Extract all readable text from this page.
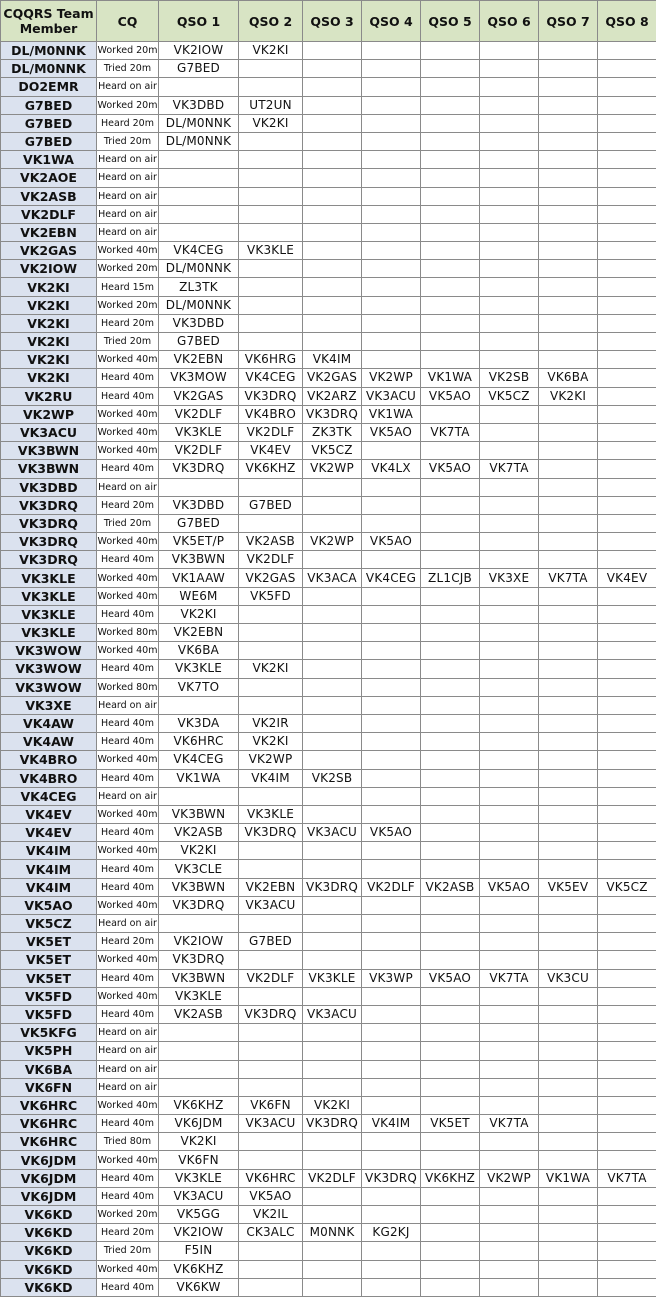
CQQRS Team Member	CQ	QSO 1	QSO 2	QSO 3	QSO 4	QSO 5	QSO 6	QSO 7	QSO 8
DL/M0NNK	Worked 20m	VK2IOW	VK2KI						
DL/M0NNK	Tried 20m	G7BED							
DO2EMR	Heard on air								
G7BED	Worked 20m	VK3DBD	UT2UN						
G7BED	Heard 20m	DL/M0NNK	VK2KI						
G7BED	Tried 20m	DL/M0NNK							
VK1WA	Heard on air								
VK2AOE	Heard on air								
VK2ASB	Heard on air								
VK2DLF	Heard on air								
VK2EBN	Heard on air								
VK2GAS	Worked 40m	VK4CEG	VK3KLE						
VK2IOW	Worked 20m	DL/M0NNK							
VK2KI	Heard 15m	ZL3TK							
VK2KI	Worked 20m	DL/M0NNK							
VK2KI	Heard 20m	VK3DBD							
VK2KI	Tried 20m	G7BED							
VK2KI	Worked 40m	VK2EBN	VK6HRG	VK4IM					
VK2KI	Heard 40m	VK3MOW	VK4CEG	VK2GAS	VK2WP	VK1WA	VK2SB	VK6BA	
VK2RU	Heard 40m	VK2GAS	VK3DRQ	VK2ARZ	VK3ACU	VK5AO	VK5CZ	VK2KI	
VK2WP	Worked 40m	VK2DLF	VK4BRO	VK3DRQ	VK1WA				
VK3ACU	Worked 40m	VK3KLE	VK2DLF	ZK3TK	VK5AO	VK7TA			
VK3BWN	Worked 40m	VK2DLF	VK4EV	VK5CZ					
VK3BWN	Heard 40m	VK3DRQ	VK6KHZ	VK2WP	VK4LX	VK5AO	VK7TA		
VK3DBD	Heard on air								
VK3DRQ	Heard 20m	VK3DBD	G7BED						
VK3DRQ	Tried 20m	G7BED							
VK3DRQ	Worked 40m	VK5ET/P	VK2ASB	VK2WP	VK5AO				
VK3DRQ	Heard 40m	VK3BWN	VK2DLF						
VK3KLE	Worked 40m	VK1AAW	VK2GAS	VK3ACA	VK4CEG	ZL1CJB	VK3XE	VK7TA	VK4EV
VK3KLE	Worked 40m	WE6M	VK5FD						
VK3KLE	Heard 40m	VK2KI							
VK3KLE	Worked 80m	VK2EBN							
VK3WOW	Worked 40m	VK6BA							
VK3WOW	Heard 40m	VK3KLE	VK2KI						
VK3WOW	Worked 80m	VK7TO							
VK3XE	Heard on air								
VK4AW	Heard 40m	VK3DA	VK2IR						
VK4AW	Heard 40m	VK6HRC	VK2KI						
VK4BRO	Worked 40m	VK4CEG	VK2WP						
VK4BRO	Heard 40m	VK1WA	VK4IM	VK2SB					
VK4CEG	Heard on air								
VK4EV	Worked 40m	VK3BWN	VK3KLE						
VK4EV	Heard 40m	VK2ASB	VK3DRQ	VK3ACU	VK5AO				
VK4IM	Worked 40m	VK2KI							
VK4IM	Heard 40m	VK3CLE							
VK4IM	Heard 40m	VK3BWN	VK2EBN	VK3DRQ	VK2DLF	VK2ASB	VK5AO	VK5EV	VK5CZ
VK5AO	Worked 40m	VK3DRQ	VK3ACU						
VK5CZ	Heard on air								
VK5ET	Heard 20m	VK2IOW	G7BED						
VK5ET	Worked 40m	VK3DRQ							
VK5ET	Heard 40m	VK3BWN	VK2DLF	VK3KLE	VK3WP	VK5AO	VK7TA	VK3CU	
VK5FD	Worked 40m	VK3KLE							
VK5FD	Heard 40m	VK2ASB	VK3DRQ	VK3ACU					
VK5KFG	Heard on air								
VK5PH	Heard on air								
VK6BA	Heard on air								
VK6FN	Heard on air								
VK6HRC	Worked 40m	VK6KHZ	VK6FN	VK2KI					
VK6HRC	Heard 40m	VK6JDM	VK3ACU	VK3DRQ	VK4IM	VK5ET	VK7TA		
VK6HRC	Tried 80m	VK2KI							
VK6JDM	Worked 40m	VK6FN							
VK6JDM	Heard 40m	VK3KLE	VK6HRC	VK2DLF	VK3DRQ	VK6KHZ	VK2WP	VK1WA	VK7TA
VK6JDM	Heard 40m	VK3ACU	VK5AO						
VK6KD	Worked 20m	VK5GG	VK2IL						
VK6KD	Heard 20m	VK2IOW	CK3ALC	M0NNK	KG2KJ				
VK6KD	Tried 20m	F5IN							
VK6KD	Worked 40m	VK6KHZ							
VK6KD	Heard 40m	VK6KW							
